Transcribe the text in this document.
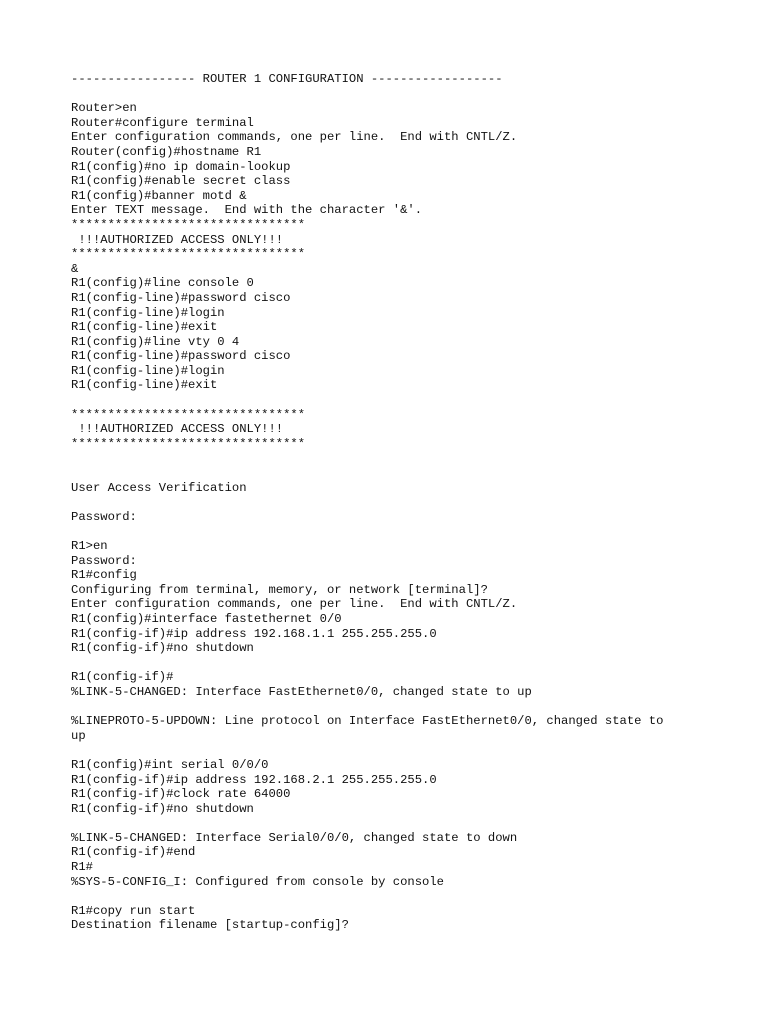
----------------- ROUTER 1 CONFIGURATION ------------------
Router>en
Router#configure terminal
Enter configuration commands, one per line.  End with CNTL/Z.
Router(config)#hostname R1
R1(config)#no ip domain-lookup
R1(config)#enable secret class
R1(config)#banner motd &
Enter TEXT message.  End with the character '&'.
********************************
!!!AUTHORIZED ACCESS ONLY!!!
********************************
&
R1(config)#line console 0
R1(config-line)#password cisco
R1(config-line)#login
R1(config-line)#exit
R1(config)#line vty 0 4
R1(config-line)#password cisco
R1(config-line)#login
R1(config-line)#exit
********************************
!!!AUTHORIZED ACCESS ONLY!!!
********************************
User Access Verification
Password:
R1>en
Password:
R1#config
Configuring from terminal, memory, or network [terminal]?
Enter configuration commands, one per line.  End with CNTL/Z.
R1(config)#interface fastethernet 0/0
R1(config-if)#ip address 192.168.1.1 255.255.255.0
R1(config-if)#no shutdown
R1(config-if)#
%LINK-5-CHANGED: Interface FastEthernet0/0, changed state to up
%LINEPROTO-5-UPDOWN: Line protocol on Interface FastEthernet0/0, changed state to
up
R1(config)#int serial 0/0/0
R1(config-if)#ip address 192.168.2.1 255.255.255.0
R1(config-if)#clock rate 64000
R1(config-if)#no shutdown
%LINK-5-CHANGED: Interface Serial0/0/0, changed state to down
R1(config-if)#end
R1#
%SYS-5-CONFIG_I: Configured from console by console
R1#copy run start
Destination filename [startup-config]?
